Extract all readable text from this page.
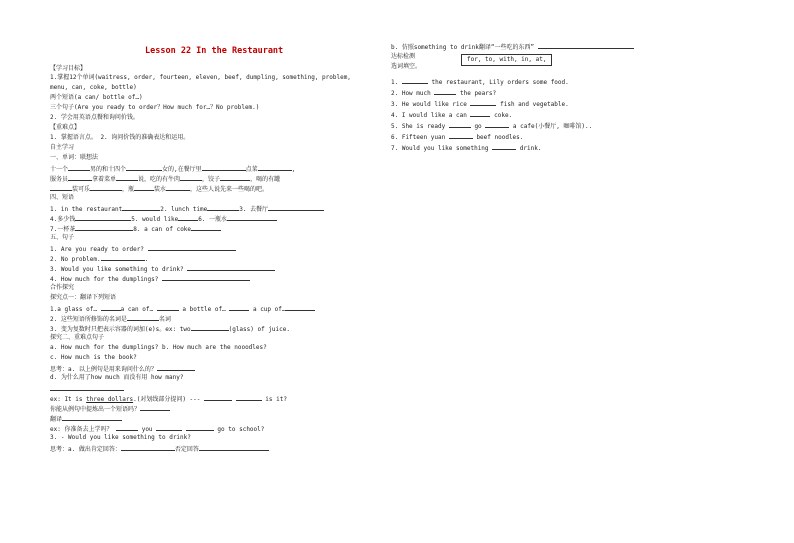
Lesson 22 In the Restaurant
【学习目标】
1.掌握12个单词(waitress, order, fourteen, eleven, beef, dumpling, something, problem,
menu, can, coke, bottle)
两个短语(a can/ bottle of…)
三个句子(Are you ready to order？How much for…？No problem.)
2. 学会用英语点餐和询问价钱。
【重难点】
1. 掌握语言点。 2. 询问价钱的准确表达和运用。
自主学习
一、单词：联想法
十一个	男的和十四个	女的,在餐厅里	点菜	,
服务员	拿着菜单	说，吃的有牛肉	，饺子	，喝的有罐
装可乐	，瓶	装水	，这些人说先来一些喝的吧。
四、短语
1. in the restaurant	2. lunch time	3. 去餐厅
4.多少钱	5. would like	6. 一瓶水
7.一杯茶	8. a can of coke
五、句子
1. Are you ready to order?
2. No problem.	.
3. Would you like something to drink?
4. How much for the dumplings?
合作探究
探究点一：翻译下列短语
1.a glass of…	a can of…	a bottle of…	a cup of…
2. 这些短语所修饰的名词是	名词
3. 变为复数时只把表示容器的词加(e)s。ex: two	(glass) of juice.
探究二、重难点句子
a. How much for the dumplings? b. How much are the nooodles?
c. How much is the book?
思考：a. 以上例句是用来询问什么的？
d. 为什么用了how much 而没有用 how many?
ex: It is three dollars.(对划线部分提问) ---	is it?
你能从例句中提炼出一个短语吗？
翻译
ex: 你准备去上学吗？	you	go to school?
3. - Would you like something to drink?
思考：a. 做出肯定回答：	否定回答
b. 仿照something to drink翻译“一些吃的东西”
达标检测
选词填空。
for, to, with, in, at,
1.	the restaurant, Lily orders some food.
2. How much	the pears?
3. He would like rice	fish and vegetable.
4. I would like a can	coke.
5. She is ready	go	a cafe(小餐厅, 咖啡馆)..
6. Fifteen yuan	beef noodles.
7. Would you like something	drink.
